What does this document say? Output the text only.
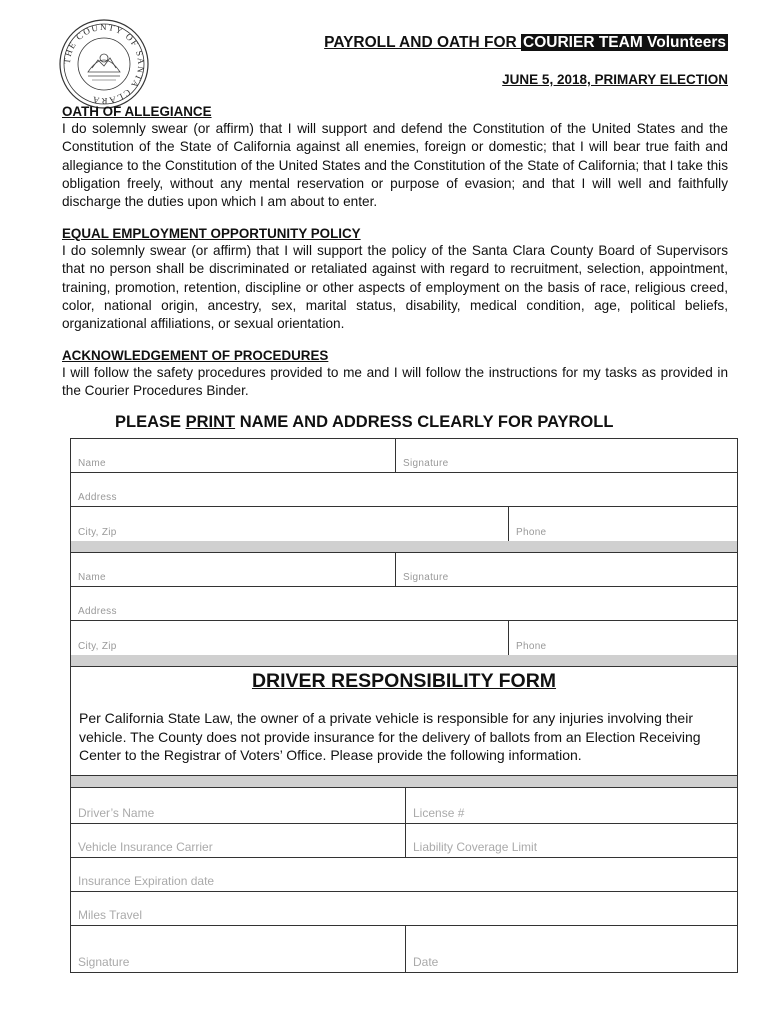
THE COUNTY OF SANTA CLARA
PAYROLL AND OATH FOR COURIER TEAM Volunteers
JUNE 5, 2018, PRIMARY ELECTION
OATH OF ALLEGIANCE

I do solemnly swear (or affirm) that I will support and defend the Constitution of the United States and the Constitution of the State of California against all enemies, foreign or domestic; that I will bear true faith and allegiance to the Constitution of the United States and the Constitution of the State of California; that I take this obligation freely, without any mental reservation or purpose of evasion; and that I will well and faithfully discharge the duties upon which I am about to enter.

EQUAL EMPLOYMENT OPPORTUNITY POLICY

I do solemnly swear (or affirm) that I will support the policy of the Santa Clara County Board of Supervisors that no person shall be discriminated or retaliated against with regard to recruitment, selection, appointment, training, promotion, retention, discipline or other aspects of employment on the basis of race, religious creed, color, national origin, ancestry, sex, marital status, disability, medical condition, age, political beliefs, organizational affiliations, or sexual orientation.

ACKNOWLEDGEMENT OF PROCEDURES

I will follow the safety procedures provided to me and I will follow the instructions for my tasks as provided in the Courier Procedures Binder.

PLEASE PRINT NAME AND ADDRESS CLEARLY FOR PAYROLL
Name	Signature
Address
City, Zip	Phone
Name	Signature
Address
City, Zip	Phone
DRIVER RESPONSIBILITY FORM

Per California State Law, the owner of a private vehicle is responsible for any injuries involving their vehicle. The County does not provide insurance for the delivery of ballots from an Election Receiving Center to the Registrar of Voters’ Office. Please provide the following information.

Driver’s Name	License #
Vehicle Insurance Carrier	Liability Coverage Limit
Insurance Expiration date
Miles Travel
Signature	Date
